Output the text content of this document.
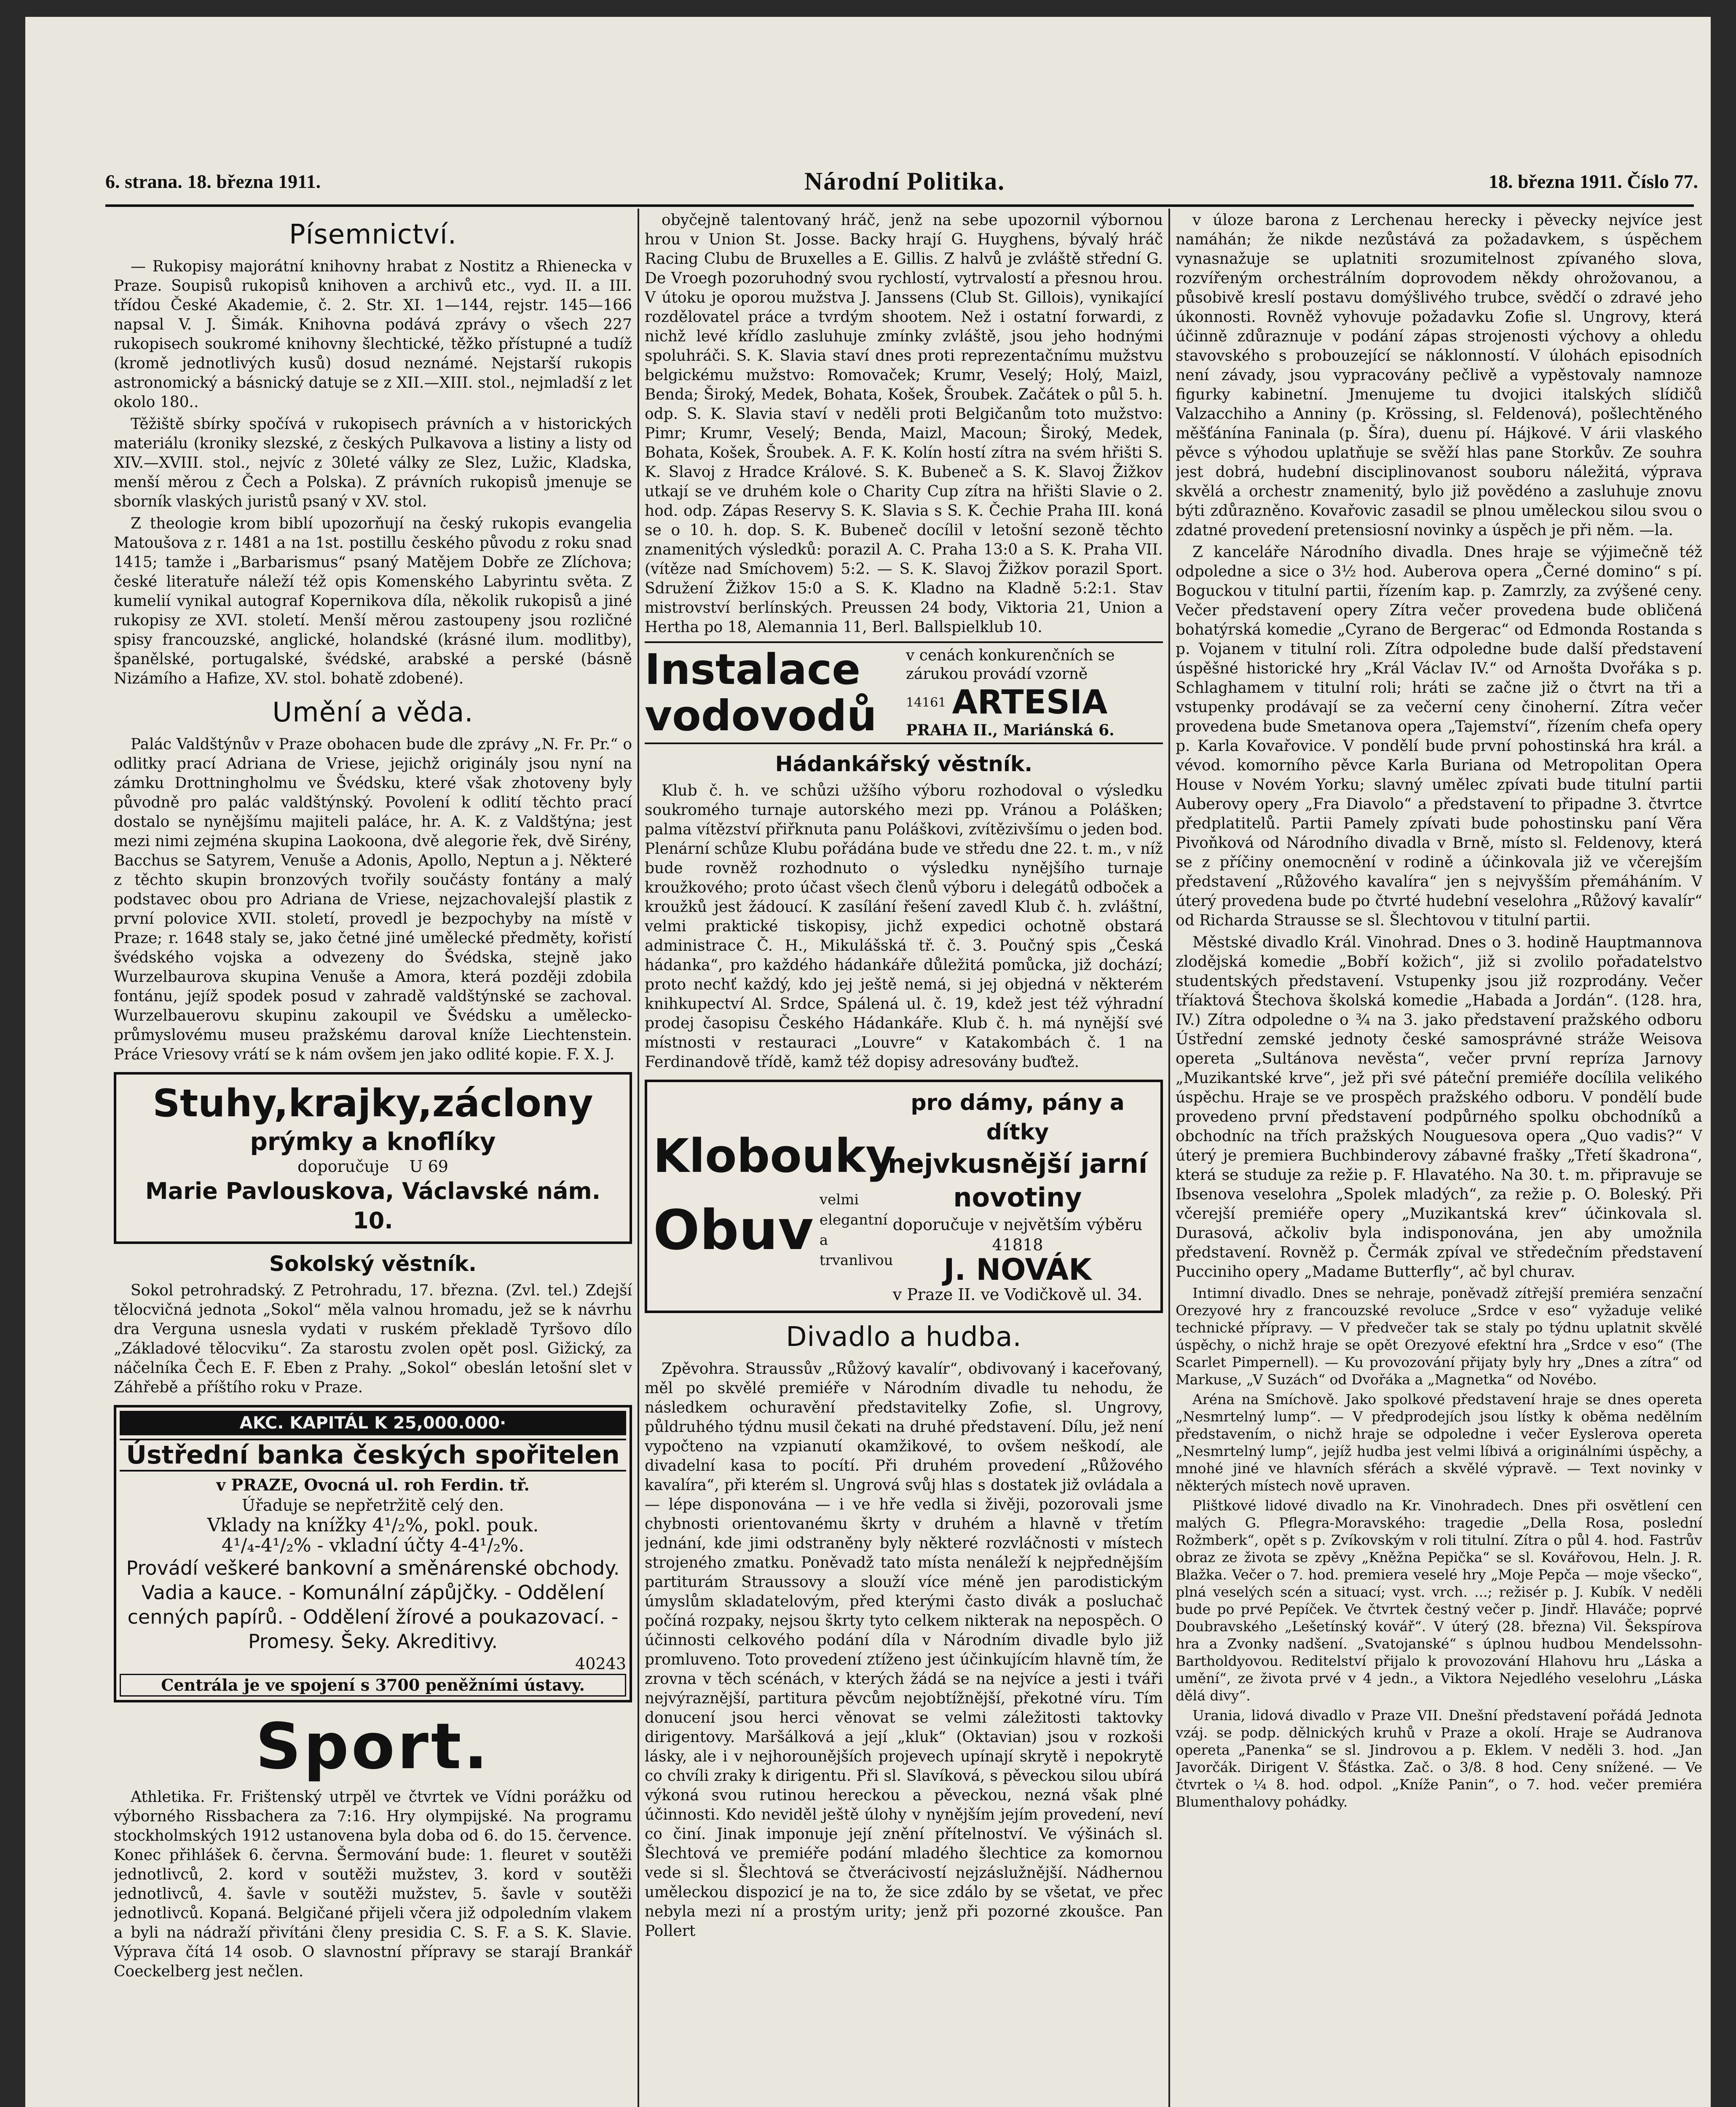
6. strana. 18. března 1911.	Národní Politika.	18. března 1911. Číslo 77.
Písemnictví.

— Rukopisy majorátní knihovny hrabat z Nostitz a Rhienecka v Praze. Soupisů rukopisů knihoven a archivů etc., vyd. II. a III. třídou České Akademie, č. 2. Str. XI. 1—144, rejstr. 145—166 napsal V. J. Šimák. Knihovna podává zprávy o všech 227 rukopisech soukromé knihovny šlechtické, těžko přístupné a tudíž (kromě jednotlivých kusů) dosud neznámé. Nejstarší rukopis astronomický a básnický datuje se z XII.—XIII. stol., nejmladší z let okolo 180..

Těžiště sbírky spočívá v rukopisech právních a v historických materiálu (kroniky slezské, z českých Pulkavova a listiny a listy od XIV.—XVIII. stol., nejvíc z 30leté války ze Slez, Lužic, Kladska, menší měrou z Čech a Polska). Z právních rukopisů jmenuje se sborník vlaských juristů psaný v XV. stol.

Z theologie krom biblí upozorňují na český rukopis evangelia Matoušova z r. 1481 a na 1st. postillu českého původu z roku snad 1415; tamže i „Barbarismus“ psaný Matějem Dobře ze Zlíchova; české literatuře náleží též opis Komenského Labyrintu světa. Z kumelií vynikal autograf Kopernikova díla, několik rukopisů a jiné rukopisy ze XVI. století. Menší měrou zastoupeny jsou rozličné spisy francouzské, anglické, holandské (krásné ilum. modlitby), španělské, portugalské, švédské, arabské a perské (básně Nizámího a Hafize, XV. stol. bohatě zdobené).

Umění a věda.

Palác Valdštýnův v Praze obohacen bude dle zprávy „N. Fr. Pr.“ o odlitky prací Adriana de Vriese, jejichž originály jsou nyní na zámku Drottningholmu ve Švédsku, které však zhotoveny byly původně pro palác valdštýnský. Povolení k odlití těchto prací dostalo se nynějšímu majiteli paláce, hr. A. K. z Valdštýna; jest mezi nimi zejména skupina Laokoona, dvě alegorie řek, dvě Sirény, Bacchus se Satyrem, Venuše a Adonis, Apollo, Neptun a j. Některé z těchto skupin bronzových tvořily součásty fontány a malý podstavec obou pro Adriana de Vriese, nejzachovalejší plastik z první polovice XVII. století, provedl je bezpochyby na místě v Praze; r. 1648 staly se, jako četné jiné umělecké předměty, kořistí švédského vojska a odvezeny do Švédska, stejně jako Wurzelbaurova skupina Venuše a Amora, která později zdobila fontánu, jejíž spodek posud v zahradě valdštýnské se zachoval. Wurzelbauerovu skupinu zakoupil ve Švédsku a umělecko-průmyslovému museu pražskému daroval kníže Liechtenstein. Práce Vriesovy vrátí se k nám ovšem jen jako odlité kopie. F. X. J.

Stuhy,krajky,záclony
prýmky a knoflíky
doporučuje U 69
Marie Pavlouskova, Václavské nám. 10.
Sokolský věstník.

Sokol petrohradský. Z Petrohradu, 17. března. (Zvl. tel.) Zdejší tělocvičná jednota „Sokol“ měla valnou hromadu, jež se k návrhu dra Verguna usnesla vydati v ruském překladě Tyršovo dílo „Základové tělocviku“. Za starostu zvolen opět posl. Gižický, za náčelníka Čech E. F. Eben z Prahy. „Sokol“ obeslán letošní slet v Záhřebě a příštího roku v Praze.

AKC. KAPITÁL K 25,000.000·
Ústřední banka českých spořitelen
v PRAZE, Ovocná ul. roh Ferdin. tř.
Úřaduje se nepřetržitě celý den.
Vklady na knížky 4¹/₂%, pokl. pouk.
4¹/₄-4¹/₂% - vkladní účty 4-4¹/₂%.
Provádí veškeré bankovní a směnárenské obchody. Vadia a kauce. - Komunální zápůjčky. - Oddělení cenných papírů. - Oddělení žírové a poukazovací. - Promesy. Šeky. Akreditivy.
40243
Centrála je ve spojení s 3700 peněžními ústavy.
Sport.

Athletika. Fr. Frištenský utrpěl ve čtvrtek ve Vídni porážku od výborného Rissbachera za 7:16. Hry olympijské. Na programu stockholmských 1912 ustanovena byla doba od 6. do 15. července. Konec přihlášek 6. června. Šermování bude: 1. fleuret v soutěži jednotlivců, 2. kord v soutěži mužstev, 3. kord v soutěži jednotlivců, 4. šavle v soutěži mužstev, 5. šavle v soutěži jednotlivců. Kopaná. Belgičané přijeli včera již odpoledním vlakem a byli na nádraží přivítáni členy presidia C. S. F. a S. K. Slavie. Výprava čítá 14 osob. O slavnostní přípravy se starají Brankář Coeckelberg jest nečlen.

obyčejně talentovaný hráč, jenž na sebe upozornil výbornou hrou v Union St. Josse. Backy hrají G. Huyghens, bývalý hráč Racing Clubu de Bruxelles a E. Gillis. Z halvů je zvláště střední G. De Vroegh pozoruhodný svou rychlostí, vytrvalostí a přesnou hrou. V útoku je oporou mužstva J. Janssens (Club St. Gillois), vynikající rozdělovatel práce a tvrdým shootem. Než i ostatní forwardi, z nichž levé křídlo zasluhuje zmínky zvláště, jsou jeho hodnými spoluhráči. S. K. Slavia staví dnes proti reprezentačnímu mužstvu belgickému mužstvo: Romovaček; Krumr, Veselý; Holý, Maizl, Benda; Široký, Medek, Bohata, Košek, Šroubek. Začátek o půl 5. h. odp. S. K. Slavia staví v neděli proti Belgičanům toto mužstvo: Pimr; Krumr, Veselý; Benda, Maizl, Macoun; Široký, Medek, Bohata, Košek, Šroubek. A. F. K. Kolín hostí zítra na svém hřišti S. K. Slavoj z Hradce Králové. S. K. Bubeneč a S. K. Slavoj Žižkov utkají se ve druhém kole o Charity Cup zítra na hřišti Slavie o 2. hod. odp. Zápas Reservy S. K. Slavia s S. K. Čechie Praha III. koná se o 10. h. dop. S. K. Bubeneč docílil v letošní sezoně těchto znamenitých výsledků: porazil A. C. Praha 13:0 a S. K. Praha VII. (vítěze nad Smíchovem) 5:2. — S. K. Slavoj Žižkov porazil Sport. Sdružení Žižkov 15:0 a S. K. Kladno na Kladně 5:2:1. Stav mistrovství berlínských. Preussen 24 body, Viktoria 21, Union a Hertha po 18, Alemannia 11, Berl. Ballspielklub 10.

Instalace vodovodů
v cenách konkurenčních se zárukou provádí vzorně
14161 ARTESIA
PRAHA II., Mariánská 6.
Hádankářský věstník.

Klub č. h. ve schůzi užšího výboru rozhodoval o výsledku soukromého turnaje autorského mezi pp. Vránou a Polášken; palma vítězství přiřknuta panu Poláškovi, zvítězivšímu o jeden bod. Plenární schůze Klubu pořádána bude ve středu dne 22. t. m., v níž bude rovněž rozhodnuto o výsledku nynějšího turnaje kroužkového; proto účast všech členů výboru i delegátů odboček a kroužků jest žádoucí. K zasílání řešení zavedl Klub č. h. zvláštní, velmi praktické tiskopisy, jichž expedici ochotně obstará administrace Č. H., Mikulášská tř. č. 3. Poučný spis „Česká hádanka“, pro každého hádankáře důležitá pomůcka, již dochází; proto nechť každý, kdo jej ještě nemá, si jej objedná v některém knihkupectví Al. Srdce, Spálená ul. č. 19, kdež jest též výhradní prodej časopisu Českého Hádankáře. Klub č. h. má nynější své místnosti v restauraci „Louvre“ v Katakombách č. 1 na Ferdinandově třídě, kamž též dopisy adresovány buďtež.

Klobouky
Obuv velmi elegantní a trvanlivou
pro dámy, pány a dítky
nejvkusnější jarní novotiny
doporučuje v největším výběru 41818
J. NOVÁK
v Praze II. ve Vodičkově ul. 34.
Divadlo a hudba.

Zpěvohra. Straussův „Růžový kavalír“, obdivovaný i kaceřovaný, měl po skvělé premiéře v Národním divadle tu nehodu, že následkem ochuravění představitelky Zofie, sl. Ungrovy, půldruhého týdnu musil čekati na druhé představení. Dílu, jež není vypočteno na vzpianutí okamžikové, to ovšem neškodí, ale divadelní kasa to pocítí. Při druhém provedení „Růžového kavalíra“, při kterém sl. Ungrová svůj hlas s dostatek již ovládala a — lépe disponována — i ve hře vedla si živěji, pozorovali jsme chybnosti orientovanému škrty v druhém a hlavně v třetím jednání, kde jimi odstraněny byly některé rozvláčnosti v místech strojeného zmatku. Poněvadž tato místa nenáleží k nejpřednějším partiturám Straussovy a slouží více méně jen parodistickým úmyslům skladatelovým, před kterými často divák a posluchač počíná rozpaky, nejsou škrty tyto celkem nikterak na nepospěch. O účinnosti celkového podání díla v Národním divadle bylo již promluveno. Toto provedení ztíženo jest účinkujícím hlavně tím, že zrovna v těch scénách, v kterých žádá se na nejvíce a jesti i tváři nejvýraznější, partitura pěvcům nejobtížnější, překotné víru. Tím donucení jsou herci věnovat se velmi záležitosti taktovky dirigentovy. Maršálková a její „kluk“ (Oktavian) jsou v rozkoši lásky, ale i v nejhorounějších projevech upínají skrytě i nepokrytě co chvíli zraky k dirigentu. Při sl. Slavíková, s pěveckou silou ubírá výkoná svou rutinou hereckou a pěveckou, nezná však plné účinnosti. Kdo neviděl ještě úlohy v nynějším jejím provedení, neví co činí. Jinak imponuje její znění přítelnoství. Ve výšinách sl. Šlechtová ve premiéře podání mladého šlechtice za komornou vede si sl. Šlechtová se čtverácivostí nejzáslužnější. Nádhernou uměleckou dispozicí je na to, že sice zdálo by se všetat, ve přec nebyla mezi ní a prostým urity; jenž při pozorné zkoušce. Pan Pollert

v úloze barona z Lerchenau herecky i pěvecky nejvíce jest namáhán; že nikde nezůstává za požadavkem, s úspěchem vynasnažuje se uplatniti srozumitelnost zpívaného slova, rozvířeným orchestrálním doprovodem někdy ohrožovanou, a působivě kreslí postavu domýšlivého trubce, svědčí o zdravé jeho úkonnosti. Rovněž vyhovuje požadavku Zofie sl. Ungrovy, která účinně zdůraznuje v podání zápas strojenosti výchovy a ohledu stavovského s probouzející se náklonností. V úlohách episodních není závady, jsou vypracovány pečlivě a vypěstovaly namnoze figurky kabinetní. Jmenujeme tu dvojici italských slídičů Valzacchiho a Anniny (p. Krössing, sl. Feldenová), pošlechtěného měšťánína Faninala (p. Šíra), duenu pí. Hájkové. V árii vlaského pěvce s výhodou uplatňuje se svěží hlas pane Storkův. Ze souhra jest dobrá, hudební disciplinovanost souboru náležitá, výprava skvělá a orchestr znamenitý, bylo již povědéno a zasluhuje znovu býti zdůrazněno. Kovařovic zasadil se plnou uměleckou silou svou o zdatné provedení pretensiosní novinky a úspěch je při něm. —la.

Z kanceláře Národního divadla. Dnes hraje se výjimečně též odpoledne a sice o 3½ hod. Auberova opera „Černé domino“ s pí. Boguckou v titulní partii, řízením kap. p. Zamrzly, za zvýšené ceny. Večer představení opery Zítra večer provedena bude obličená bohatýrská komedie „Cyrano de Bergerac“ od Edmonda Rostanda s p. Vojanem v titulní roli. Zítra odpoledne bude další představení úspěšné historické hry „Král Václav IV.“ od Arnošta Dvořáka s p. Schlaghamem v titulní roli; hráti se začne již o čtvrt na tři a vstupenky prodávají se za večerní ceny činoherní. Zítra večer provedena bude Smetanova opera „Tajemství“, řízením chefa opery p. Karla Kovařovice. V pondělí bude první pohostinská hra král. a vévod. komorního pěvce Karla Buriana od Metropolitan Opera House v Novém Yorku; slavný umělec zpívati bude titulní partii Auberovy opery „Fra Diavolo“ a představení to připadne 3. čtvrtce předplatitelů. Partii Pamely zpívati bude pohostinsku paní Věra Pivoňková od Národního divadla v Brně, místo sl. Feldenovy, která se z příčiny onemocnění v rodině a účinkovala již ve včerejším představení „Růžového kavalíra“ jen s nejvyšším přemáháním. V úterý provedena bude po čtvrté hudební veselohra „Růžový kavalír“ od Richarda Strausse se sl. Šlechtovou v titulní partii.

Městské divadlo Král. Vinohrad. Dnes o 3. hodině Hauptmannova zlodějská komedie „Bobří kožich“, již si zvolilo pořadatelstvo studentských představení. Vstupenky jsou již rozprodány. Večer tříaktová Štechova školská komedie „Habada a Jordán“. (128. hra, IV.) Zítra odpoledne o ¾ na 3. jako představení pražského odboru Ústřední zemské jednoty české samosprávné stráže Weisova opereta „Sultánova nevěsta“, večer první repríza Jarnovy „Muzikantské krve“, jež při své páteční premiéře docílila velikého úspěchu. Hraje se ve prospěch pražského odboru. V pondělí bude provedeno první představení podpůrného spolku obchodníků a obchodníc na třích pražských Nouguesova opera „Quo vadis?“ V úterý je premiera Buchbinderovy zábavné frašky „Třetí škadrona“, která se studuje za režie p. F. Hlavatého. Na 30. t. m. připravuje se Ibsenova veselohra „Spolek mladých“, za režie p. O. Boleský. Při včerejší premiéře opery „Muzikantská krev“ účinkovala sl. Durasová, ačkoliv byla indisponována, jen aby umožnila představení. Rovněž p. Čermák zpíval ve středečním představení Pucciniho opery „Madame Butterfly“, ač byl churav.

Intimní divadlo. Dnes se nehraje, poněvadž zítřejší premiéra senzační Orezyové hry z francouzské revoluce „Srdce v eso“ vyžaduje veliké technické přípravy. — V předvečer tak se staly po týdnu uplatnit skvělé úspěchy, o nichž hraje se opět Orezyové efektní hra „Srdce v eso“ (The Scarlet Pimpernell). — Ku provozování přijaty byly hry „Dnes a zítra“ od Markuse, „V Suzách“ od Dvořáka a „Magnetka“ od Novébo.

Aréna na Smíchově. Jako spolkové představení hraje se dnes opereta „Nesmrtelný lump“. — V předprodejích jsou lístky k oběma nedělním představením, o nichž hraje se odpoledne i večer Eyslerova opereta „Nesmrtelný lump“, jejíž hudba jest velmi líbivá a originálními úspěchy, a mnohé jiné ve hlavních sférách a skvělé výpravě. — Text novinky v některých místech nově upraven.

Plištkové lidové divadlo na Kr. Vinohradech. Dnes při osvětlení cen malých G. Pflegra-Moravského: tragedie „Della Rosa, poslední Rožmberk“, opět s p. Zvíkovským v roli titulní. Zítra o půl 4. hod. Fastrův obraz ze života se zpěvy „Kněžna Pepička“ se sl. Kovářovou, Heln. J. R. Blažka. Večer o 7. hod. premiera veselé hry „Moje Pepča — moje všecko“, plná veselých scén a situací; vyst. vrch. ...; režisér p. J. Kubík. V neděli bude po prvé Pepíček. Ve čtvrtek čestný večer p. Jindř. Hlaváče; poprvé Doubravského „Lešetínský kovář“. V úterý (28. března) Vil. Šekspírova hra a Zvonky nadšení. „Svatojanské“ s úplnou hudbou Mendelssohn-Bartholdyovou. Reditelství přijalo k provozování Hlahovu hru „Láska a umění“, ze života prvé v 4 jedn., a Viktora Nejedlého veselohru „Láska dělá divy“.

Urania, lidová divadlo v Praze VII. Dnešní představení pořádá Jednota vzáj. se podp. dělnických kruhů v Praze a okolí. Hraje se Audranova opereta „Panenka“ se sl. Jindrovou a p. Eklem. V neděli 3. hod. „Jan Javorčák. Dirigent V. Šťástka. Zač. o 3/8. 8 hod. Ceny snížené. — Ve čtvrtek o ¼ 8. hod. odpol. „Kníže Panin“, o 7. hod. večer premiéra Blumenthalovy pohádky.
